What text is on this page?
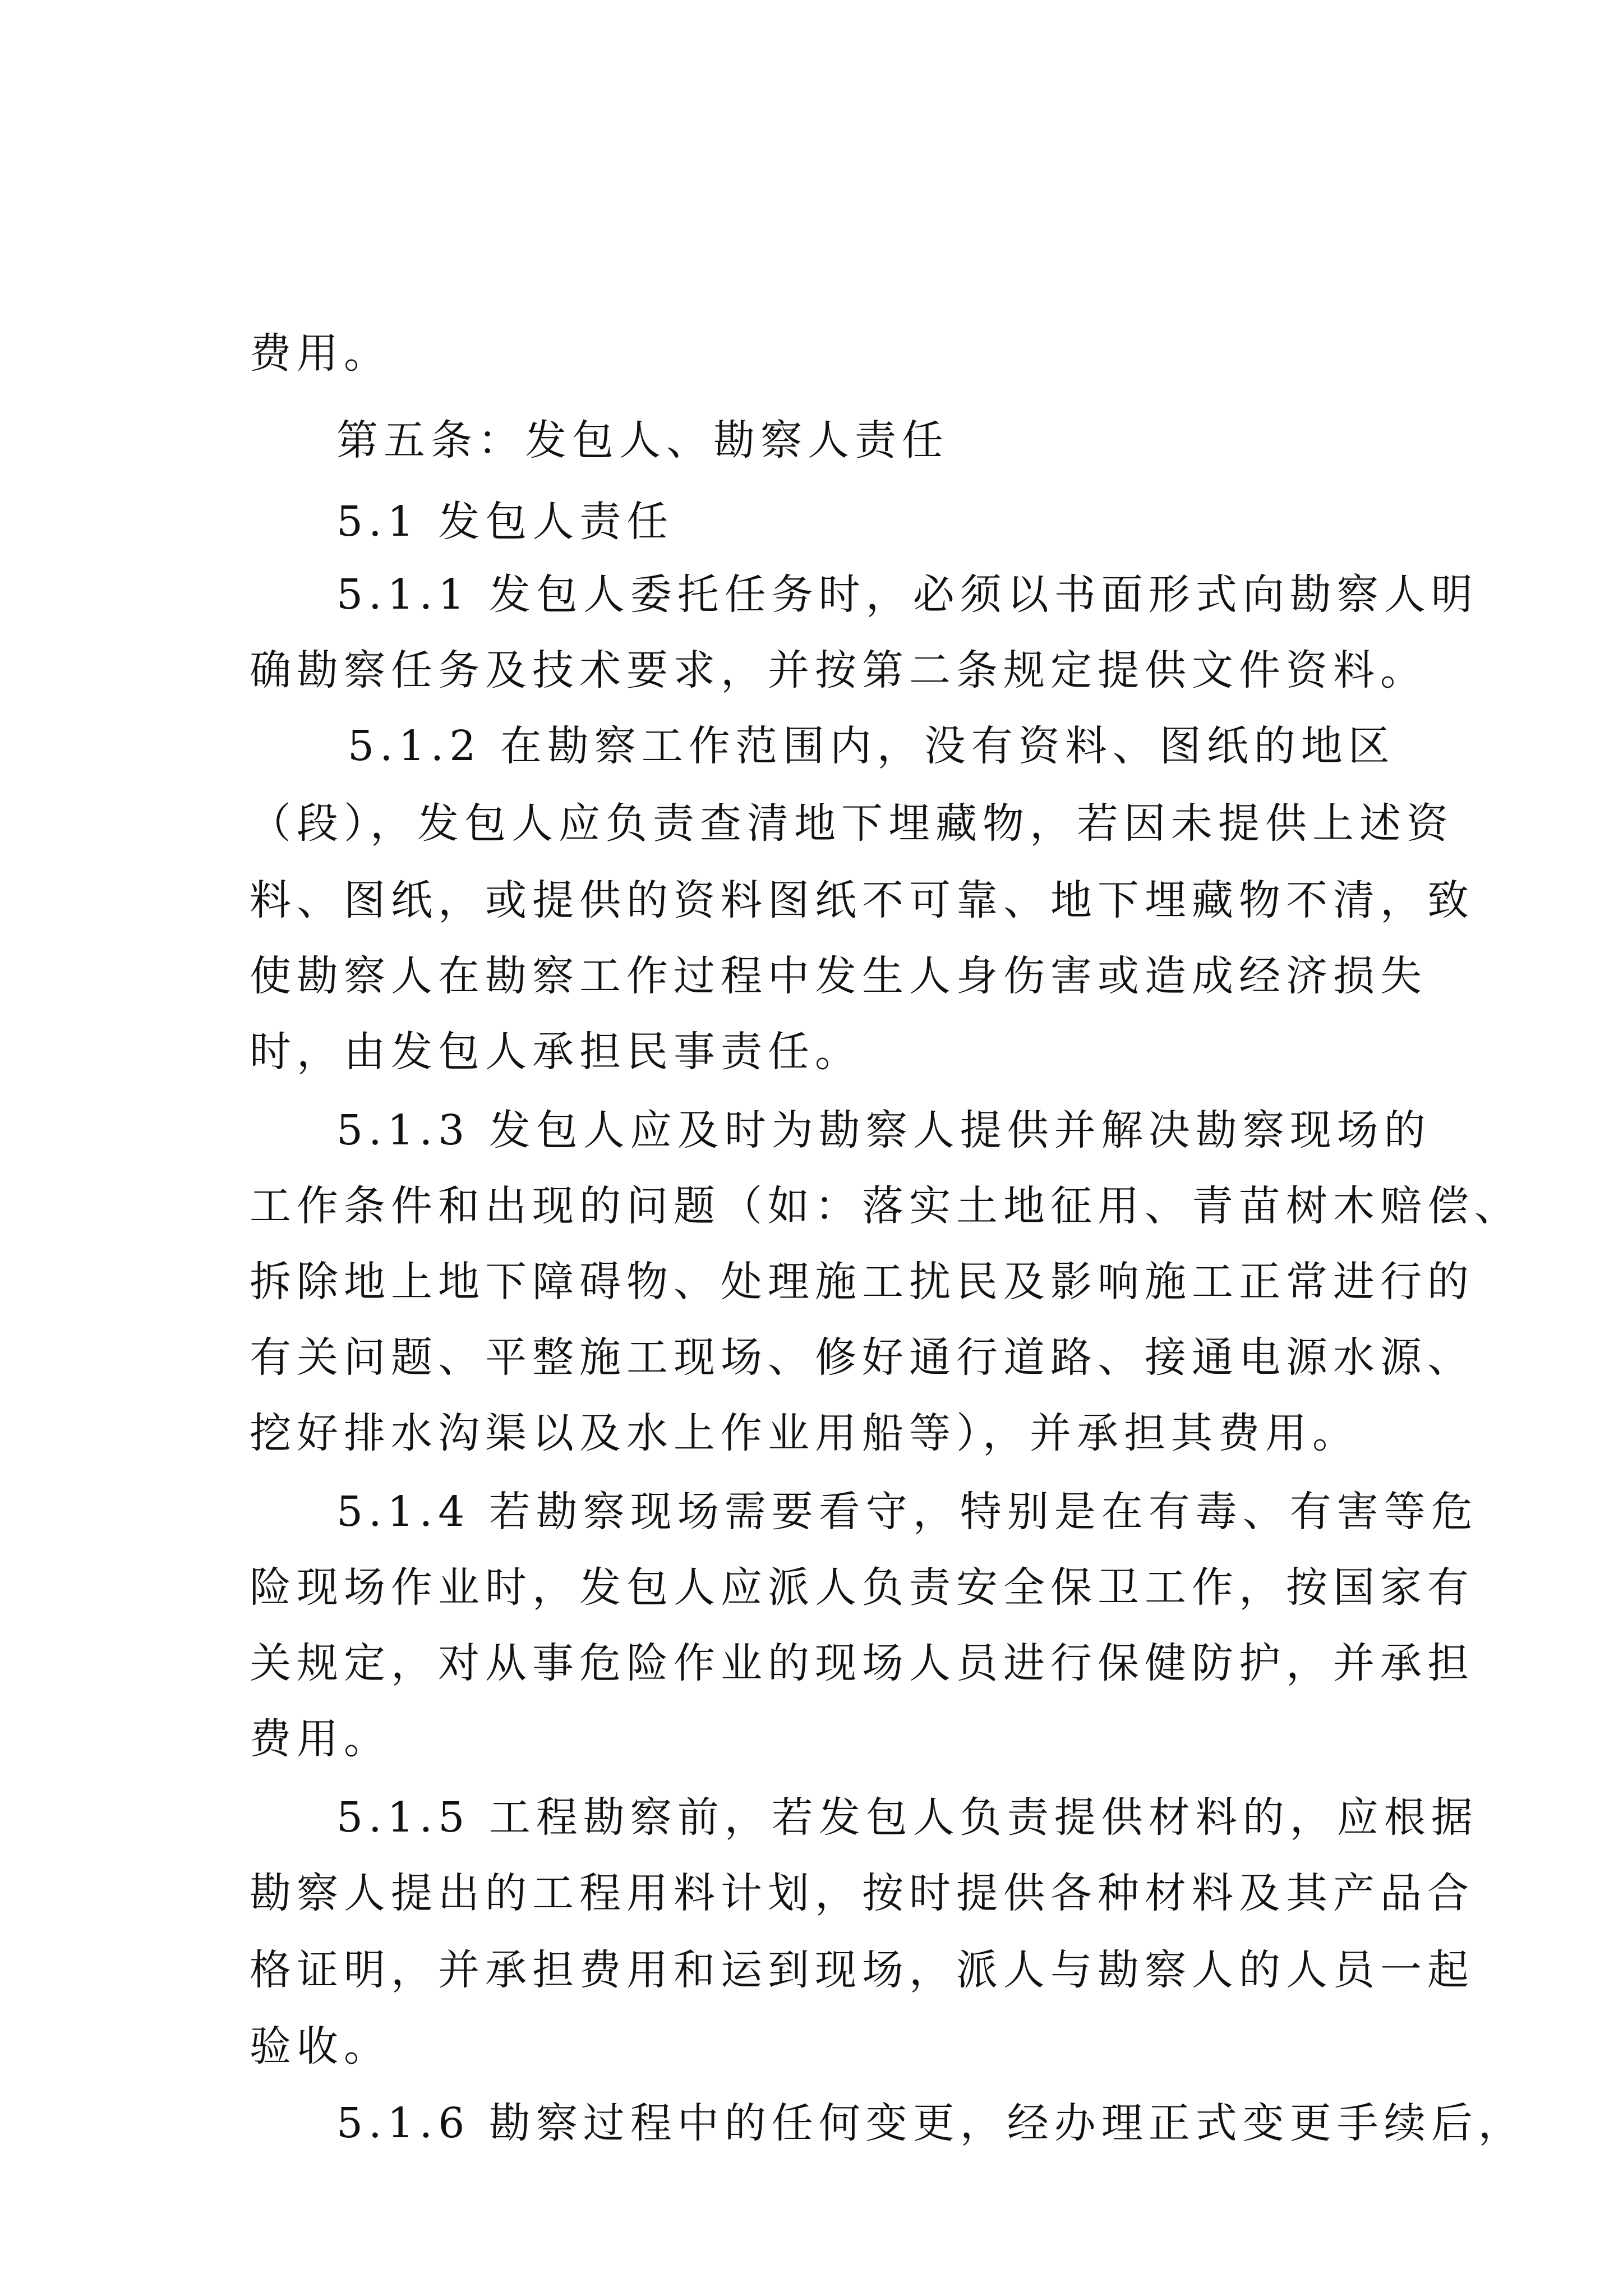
费用。

第五条：发包人、勘察人责任

5.1 发包人责任

5.1.1 发包人委托任务时，必须以书面形式向勘察人明

确勘察任务及技术要求，并按第二条规定提供文件资料。

5.1.2 在勘察工作范围内，没有资料、图纸的地区

（段），发包人应负责查清地下埋藏物，若因未提供上述资

料、图纸，或提供的资料图纸不可靠、地下埋藏物不清，致

使勘察人在勘察工作过程中发生人身伤害或造成经济损失

时，由发包人承担民事责任。

5.1.3 发包人应及时为勘察人提供并解决勘察现场的

工作条件和出现的问题（如：落实土地征用、青苗树木赔偿、

拆除地上地下障碍物、处理施工扰民及影响施工正常进行的

有关问题、平整施工现场、修好通行道路、接通电源水源、

挖好排水沟渠以及水上作业用船等），并承担其费用。

5.1.4 若勘察现场需要看守，特别是在有毒、有害等危

险现场作业时，发包人应派人负责安全保卫工作，按国家有

关规定，对从事危险作业的现场人员进行保健防护，并承担

费用。

5.1.5 工程勘察前，若发包人负责提供材料的，应根据

勘察人提出的工程用料计划，按时提供各种材料及其产品合

格证明，并承担费用和运到现场，派人与勘察人的人员一起

验收。

5.1.6 勘察过程中的任何变更，经办理正式变更手续后，
